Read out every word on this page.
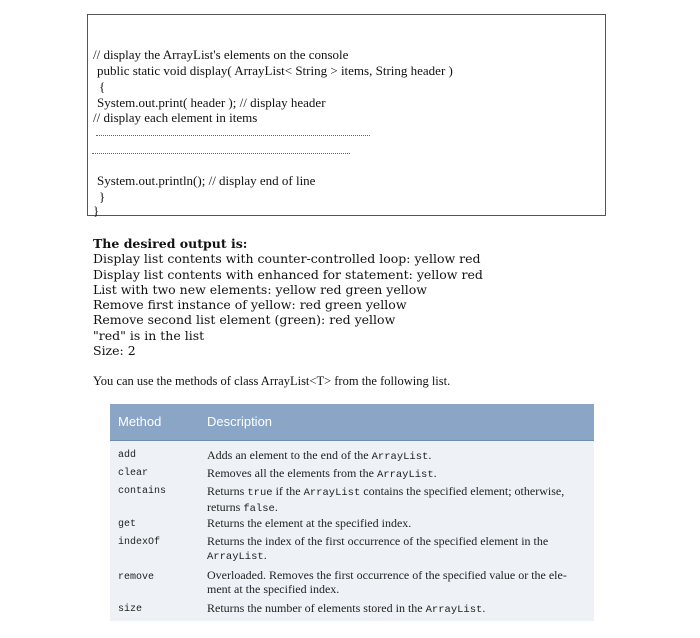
// display the ArrayList's elements on the console
public static void display( ArrayList< String > items, String header )
{
System.out.print( header ); // display header
// display each element in items
System.out.println(); // display end of line
}
}
The desired output is:
Display list contents with counter-controlled loop: yellow red
Display list contents with enhanced for statement: yellow red
List with two new elements: yellow red green yellow
Remove first instance of yellow: red green yellow
Remove second list element (green): red yellow
"red" is in the list
Size: 2
You can use the methods of class ArrayList<T> from the following list.
Method	Description
add	Adds an element to the end of the ArrayList.
clear	Removes all the elements from the ArrayList.
contains	Returns true if the ArrayList contains the specified element; otherwise, returns false.
get	Returns the element at the specified index.
indexOf	Returns the index of the first occurrence of the specified element in the ArrayList.
remove	Overloaded. Removes the first occurrence of the specified value or the ele- ment at the specified index.
size	Returns the number of elements stored in the ArrayList.
